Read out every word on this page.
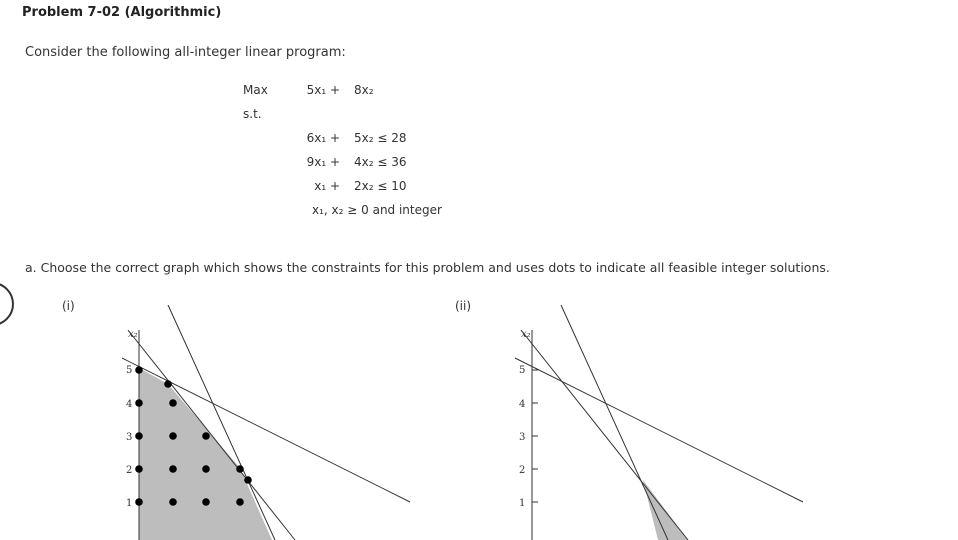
Problem 7-02 (Algorithmic)
Consider the following all-integer linear program:
Max
s.t.
5x₁ + 8x₂
6x₁ + 5x₂ ≤ 28
9x₁ + 4x₂ ≤ 36
x₁ + 2x₂ ≤ 10
x₁, x₂ ≥ 0 and integer
a. Choose the correct graph which shows the constraints for this problem and uses dots to indicate all feasible integer solutions.
(i)	(ii)
x₂
5
4
3
2
1
x₂
5
4
3
2
1
